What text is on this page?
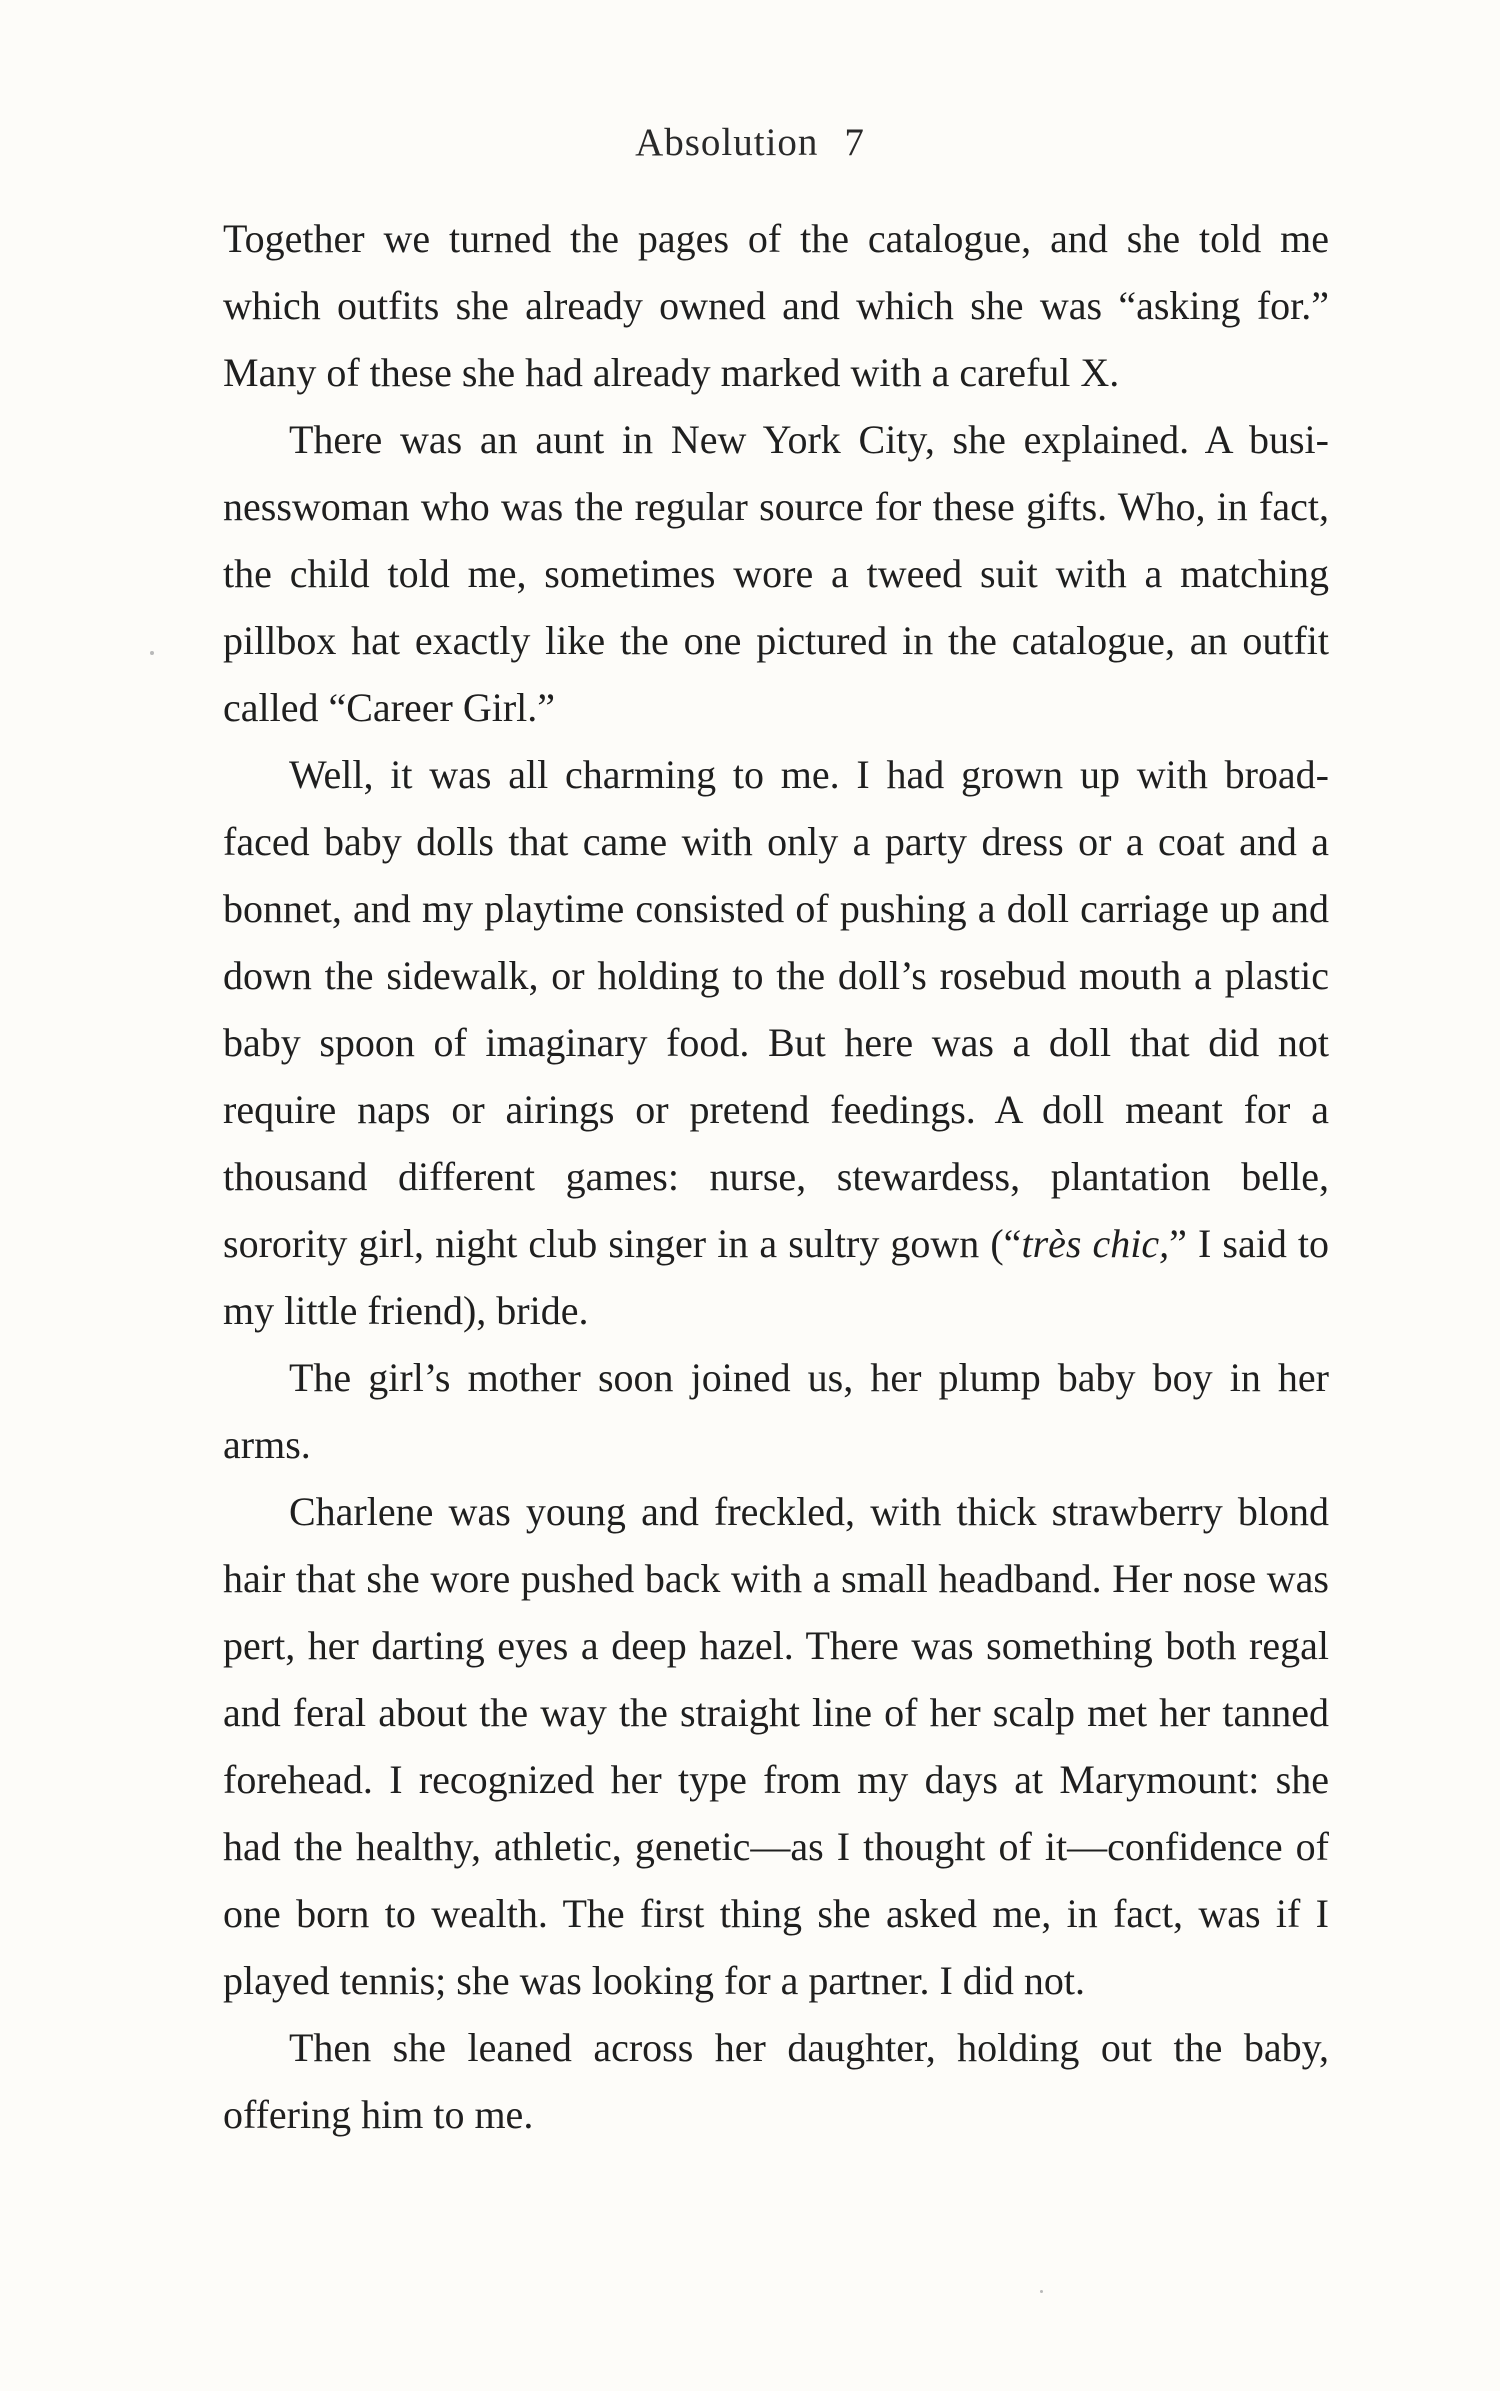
Absolution 7

Together we turned the pages of the catalogue, and she told me which outfits she already owned and which she was “asking for.” Many of these she had already marked with a careful X.

There was an aunt in New York City, she explained. A businesswoman who was the regular source for these gifts. Who, in fact, the child told me, sometimes wore a tweed suit with a matching pillbox hat exactly like the one pictured in the catalogue, an outfit called “Career Girl.”

Well, it was all charming to me. I had grown up with broad-faced baby dolls that came with only a party dress or a coat and a bonnet, and my playtime consisted of pushing a doll carriage up and down the sidewalk, or holding to the doll’s rosebud mouth a plastic baby spoon of imaginary food. But here was a doll that did not require naps or airings or pretend feedings. A doll meant for a thousand different games: nurse, stewardess, plantation belle, sorority girl, night club singer in a sultry gown (“très chic,” I said to my little friend), bride.

The girl’s mother soon joined us, her plump baby boy in her arms.

Charlene was young and freckled, with thick strawberry blond hair that she wore pushed back with a small headband. Her nose was pert, her darting eyes a deep hazel. There was something both regal and feral about the way the straight line of her scalp met her tanned forehead. I recognized her type from my days at Marymount: she had the healthy, athletic, genetic—as I thought of it—confidence of one born to wealth. The first thing she asked me, in fact, was if I played tennis; she was looking for a partner. I did not.

Then she leaned across her daughter, holding out the baby, offering him to me.
